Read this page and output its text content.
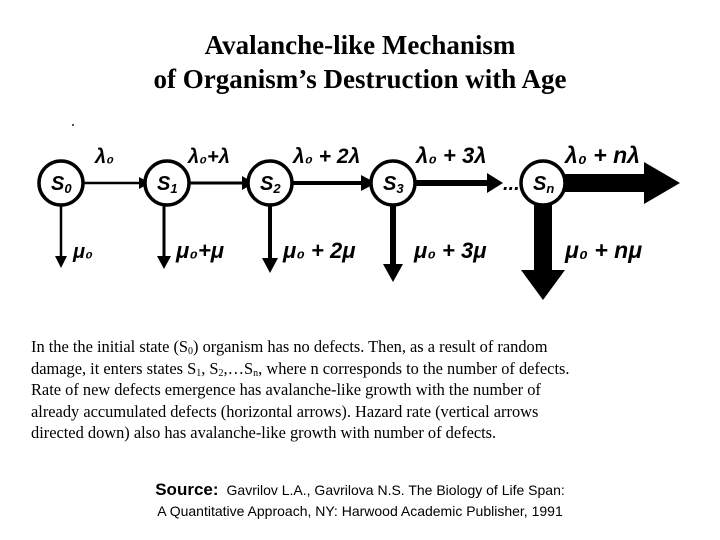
Avalanche-like Mechanism
of Organism’s Destruction with Age
S0	S1	S2	S3	... Sn
λ₀	λ₀+λ	λ₀ + 2λ	λ₀ + 3λ	λ₀ + nλ
μ₀	μ₀+μ	μ₀ + 2μ	μ₀ + 3μ	μ₀ + nμ
In the the initial state $(S_0)$ organism has no defects. Then, as a result of random
damage, it enters states $S_1$, $S_2,\dots S_n$, where n corresponds to the number of defects.
Rate of new defects emergence has avalanche-like growth with the number of
already accumulated defects (horizontal arrows). Hazard rate (vertical arrows
directed down) also has avalanche-like growth with number of defects.
Source: Gavrilov L.A., Gavrilova N.S. The Biology of Life Span:
A Quantitative Approach, NY: Harwood Academic Publisher, 1991
